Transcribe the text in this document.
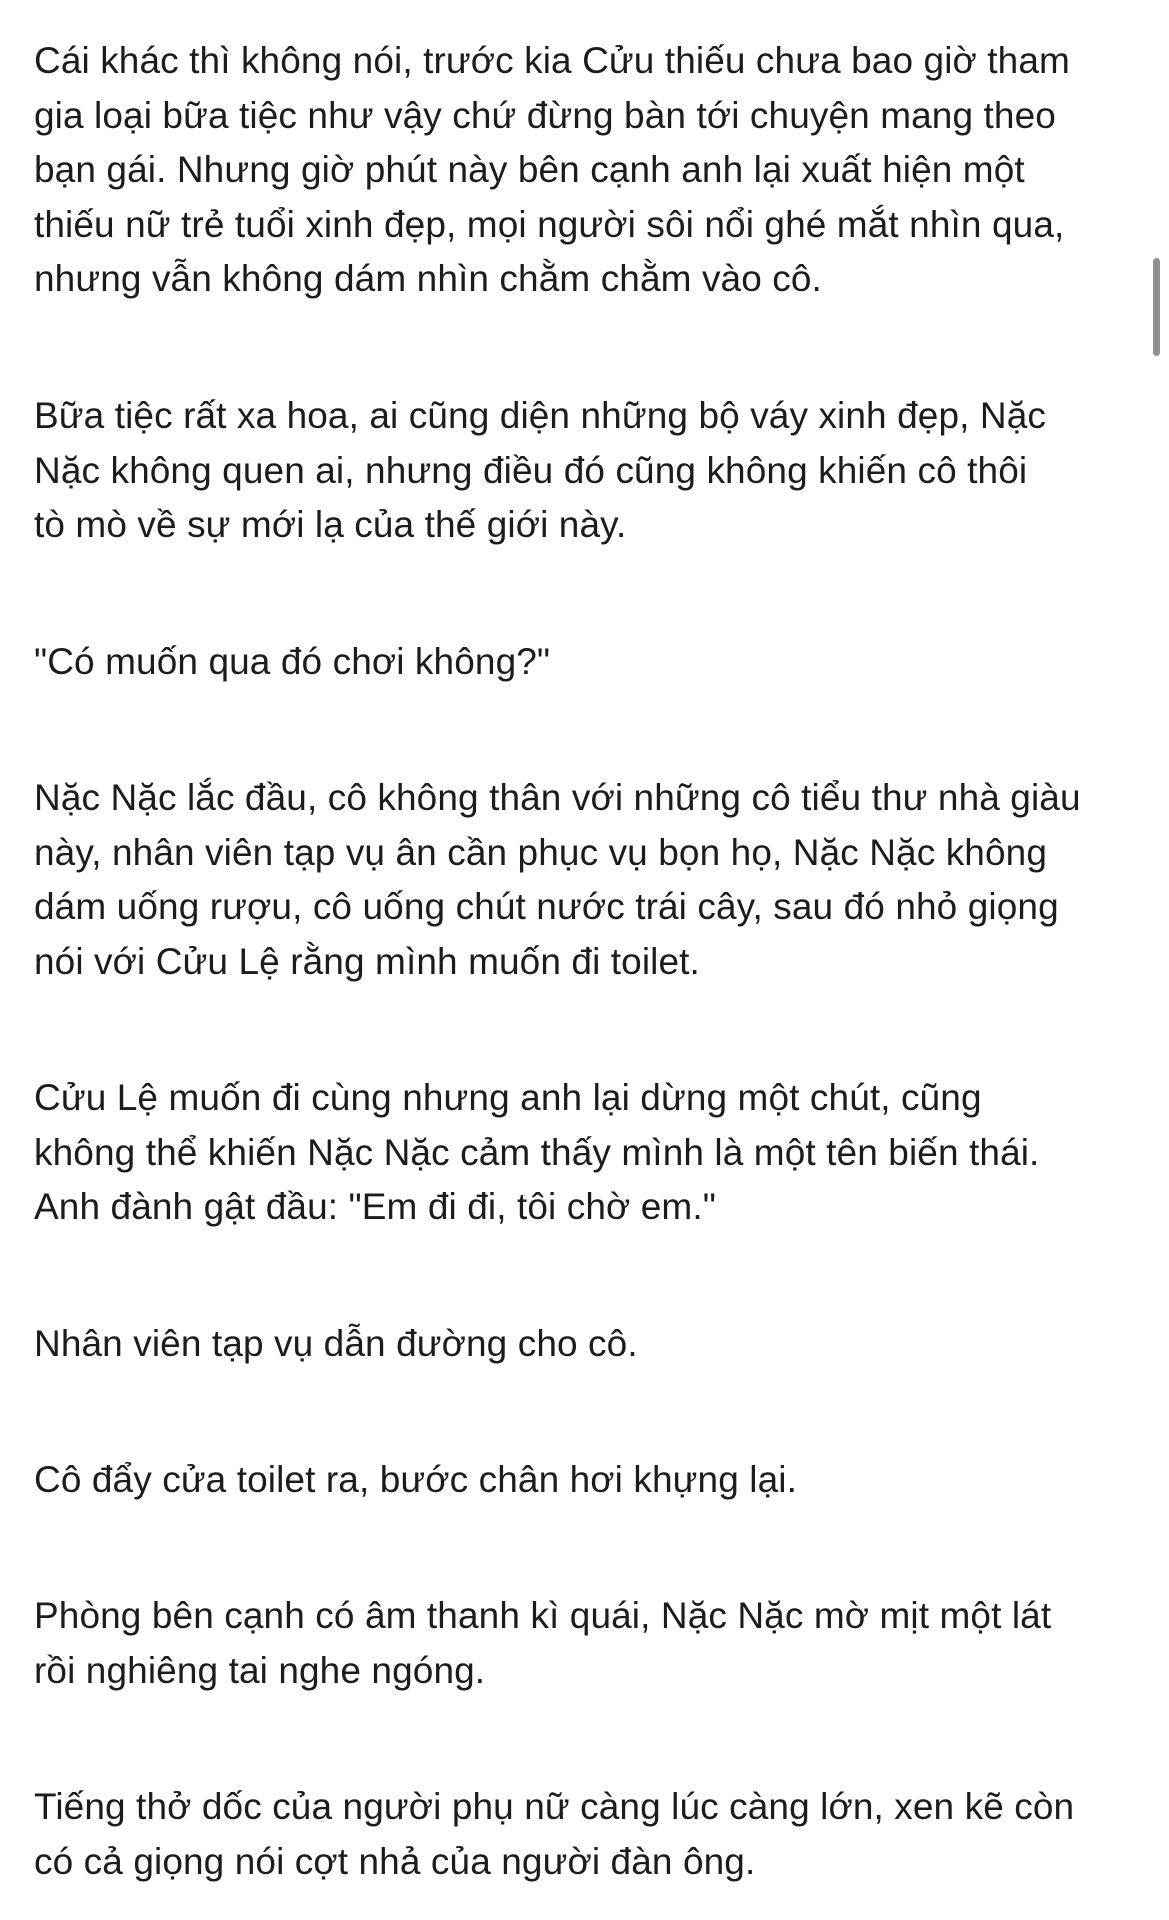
Cái khác thì không nói, trước kia Cửu thiếu chưa bao giờ tham
gia loại bữa tiệc như vậy chứ đừng bàn tới chuyện mang theo
bạn gái. Nhưng giờ phút này bên cạnh anh lại xuất hiện một
thiếu nữ trẻ tuổi xinh đẹp, mọi người sôi nổi ghé mắt nhìn qua,
nhưng vẫn không dám nhìn chằm chằm vào cô.

Bữa tiệc rất xa hoa, ai cũng diện những bộ váy xinh đẹp, Nặc
Nặc không quen ai, nhưng điều đó cũng không khiến cô thôi
tò mò về sự mới lạ của thế giới này.

"Có muốn qua đó chơi không?"

Nặc Nặc lắc đầu, cô không thân với những cô tiểu thư nhà giàu
này, nhân viên tạp vụ ân cần phục vụ bọn họ, Nặc Nặc không
dám uống rượu, cô uống chút nước trái cây, sau đó nhỏ giọng
nói với Cửu Lệ rằng mình muốn đi toilet.

Cửu Lệ muốn đi cùng nhưng anh lại dừng một chút, cũng
không thể khiến Nặc Nặc cảm thấy mình là một tên biến thái.
Anh đành gật đầu: "Em đi đi, tôi chờ em."

Nhân viên tạp vụ dẫn đường cho cô.

Cô đẩy cửa toilet ra, bước chân hơi khựng lại.

Phòng bên cạnh có âm thanh kì quái, Nặc Nặc mờ mịt một lát
rồi nghiêng tai nghe ngóng.

Tiếng thở dốc của người phụ nữ càng lúc càng lớn, xen kẽ còn
có cả giọng nói cợt nhả của người đàn ông.
